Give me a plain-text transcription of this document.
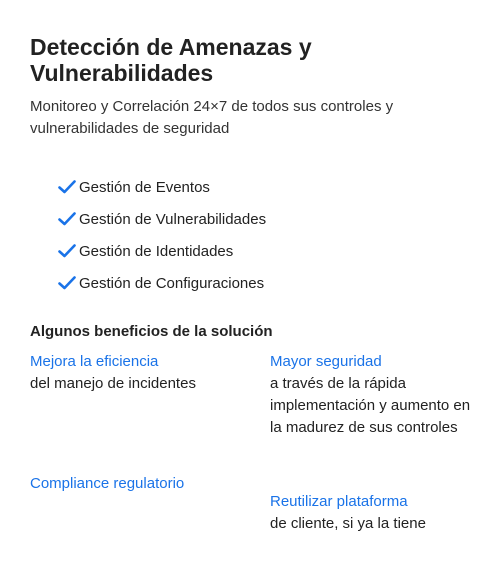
Detección de Amenazas y Vulnerabilidades

Monitoreo y Correlación 24×7 de todos sus controles y vulnerabilidades de seguridad

Gestión de Eventos
Gestión de Vulnerabilidades
Gestión de Identidades
Gestión de Configuraciones
Algunos beneficios de la solución
Mejora la eficiencia
del manejo de incidentes
Mayor seguridad
a través de la rápida implementación y aumento en la madurez de sus controles
Compliance regulatorio
Reutilizar plataforma
de cliente, si ya la tiene
